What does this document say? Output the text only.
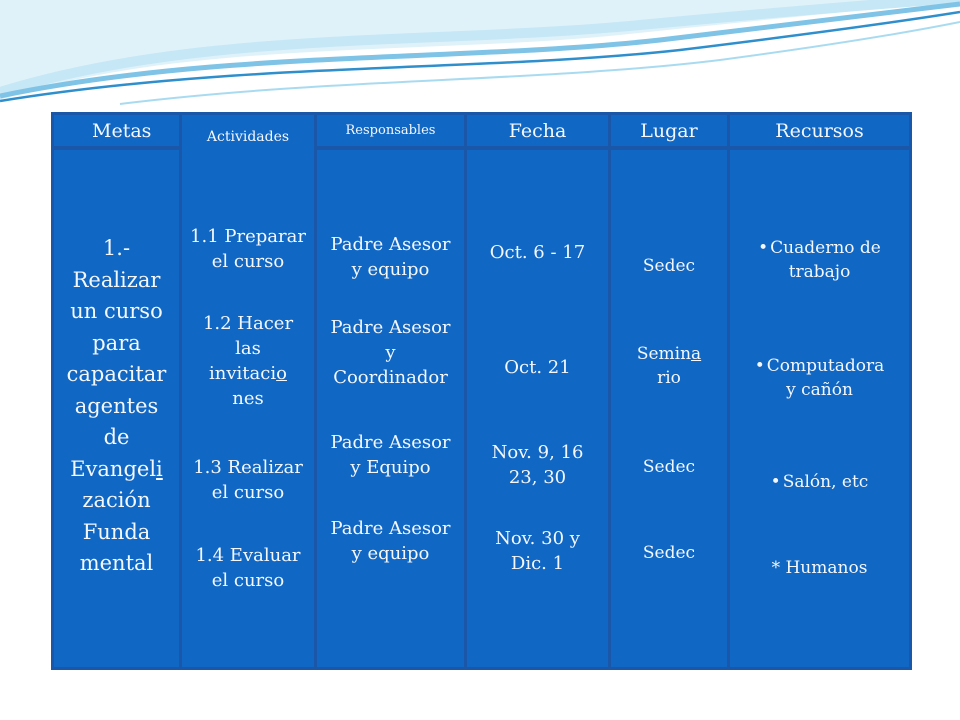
Metas
1.-
Realizar
un curso
para
capacitar
agentes
de
Evangeli
zación
Funda
mental
Actividades
1.1 Preparar
el curso
1.2 Hacer
las
invitacio
nes
1.3 Realizar
el curso
1.4 Evaluar
el curso
Responsables
Padre Asesor
y equipo
Padre Asesor
y
Coordinador
Padre Asesor
y Equipo
Padre Asesor
y equipo
Fecha
Oct. 6 - 17
Oct. 21
Nov. 9, 16
23, 30
Nov. 30 y
Dic. 1
Lugar
Sedec
Semina
rio
Sedec
Sedec
Recursos
• Cuaderno de
trabajo
• Computadora
y cañón
• Salón, etc
* Humanos
